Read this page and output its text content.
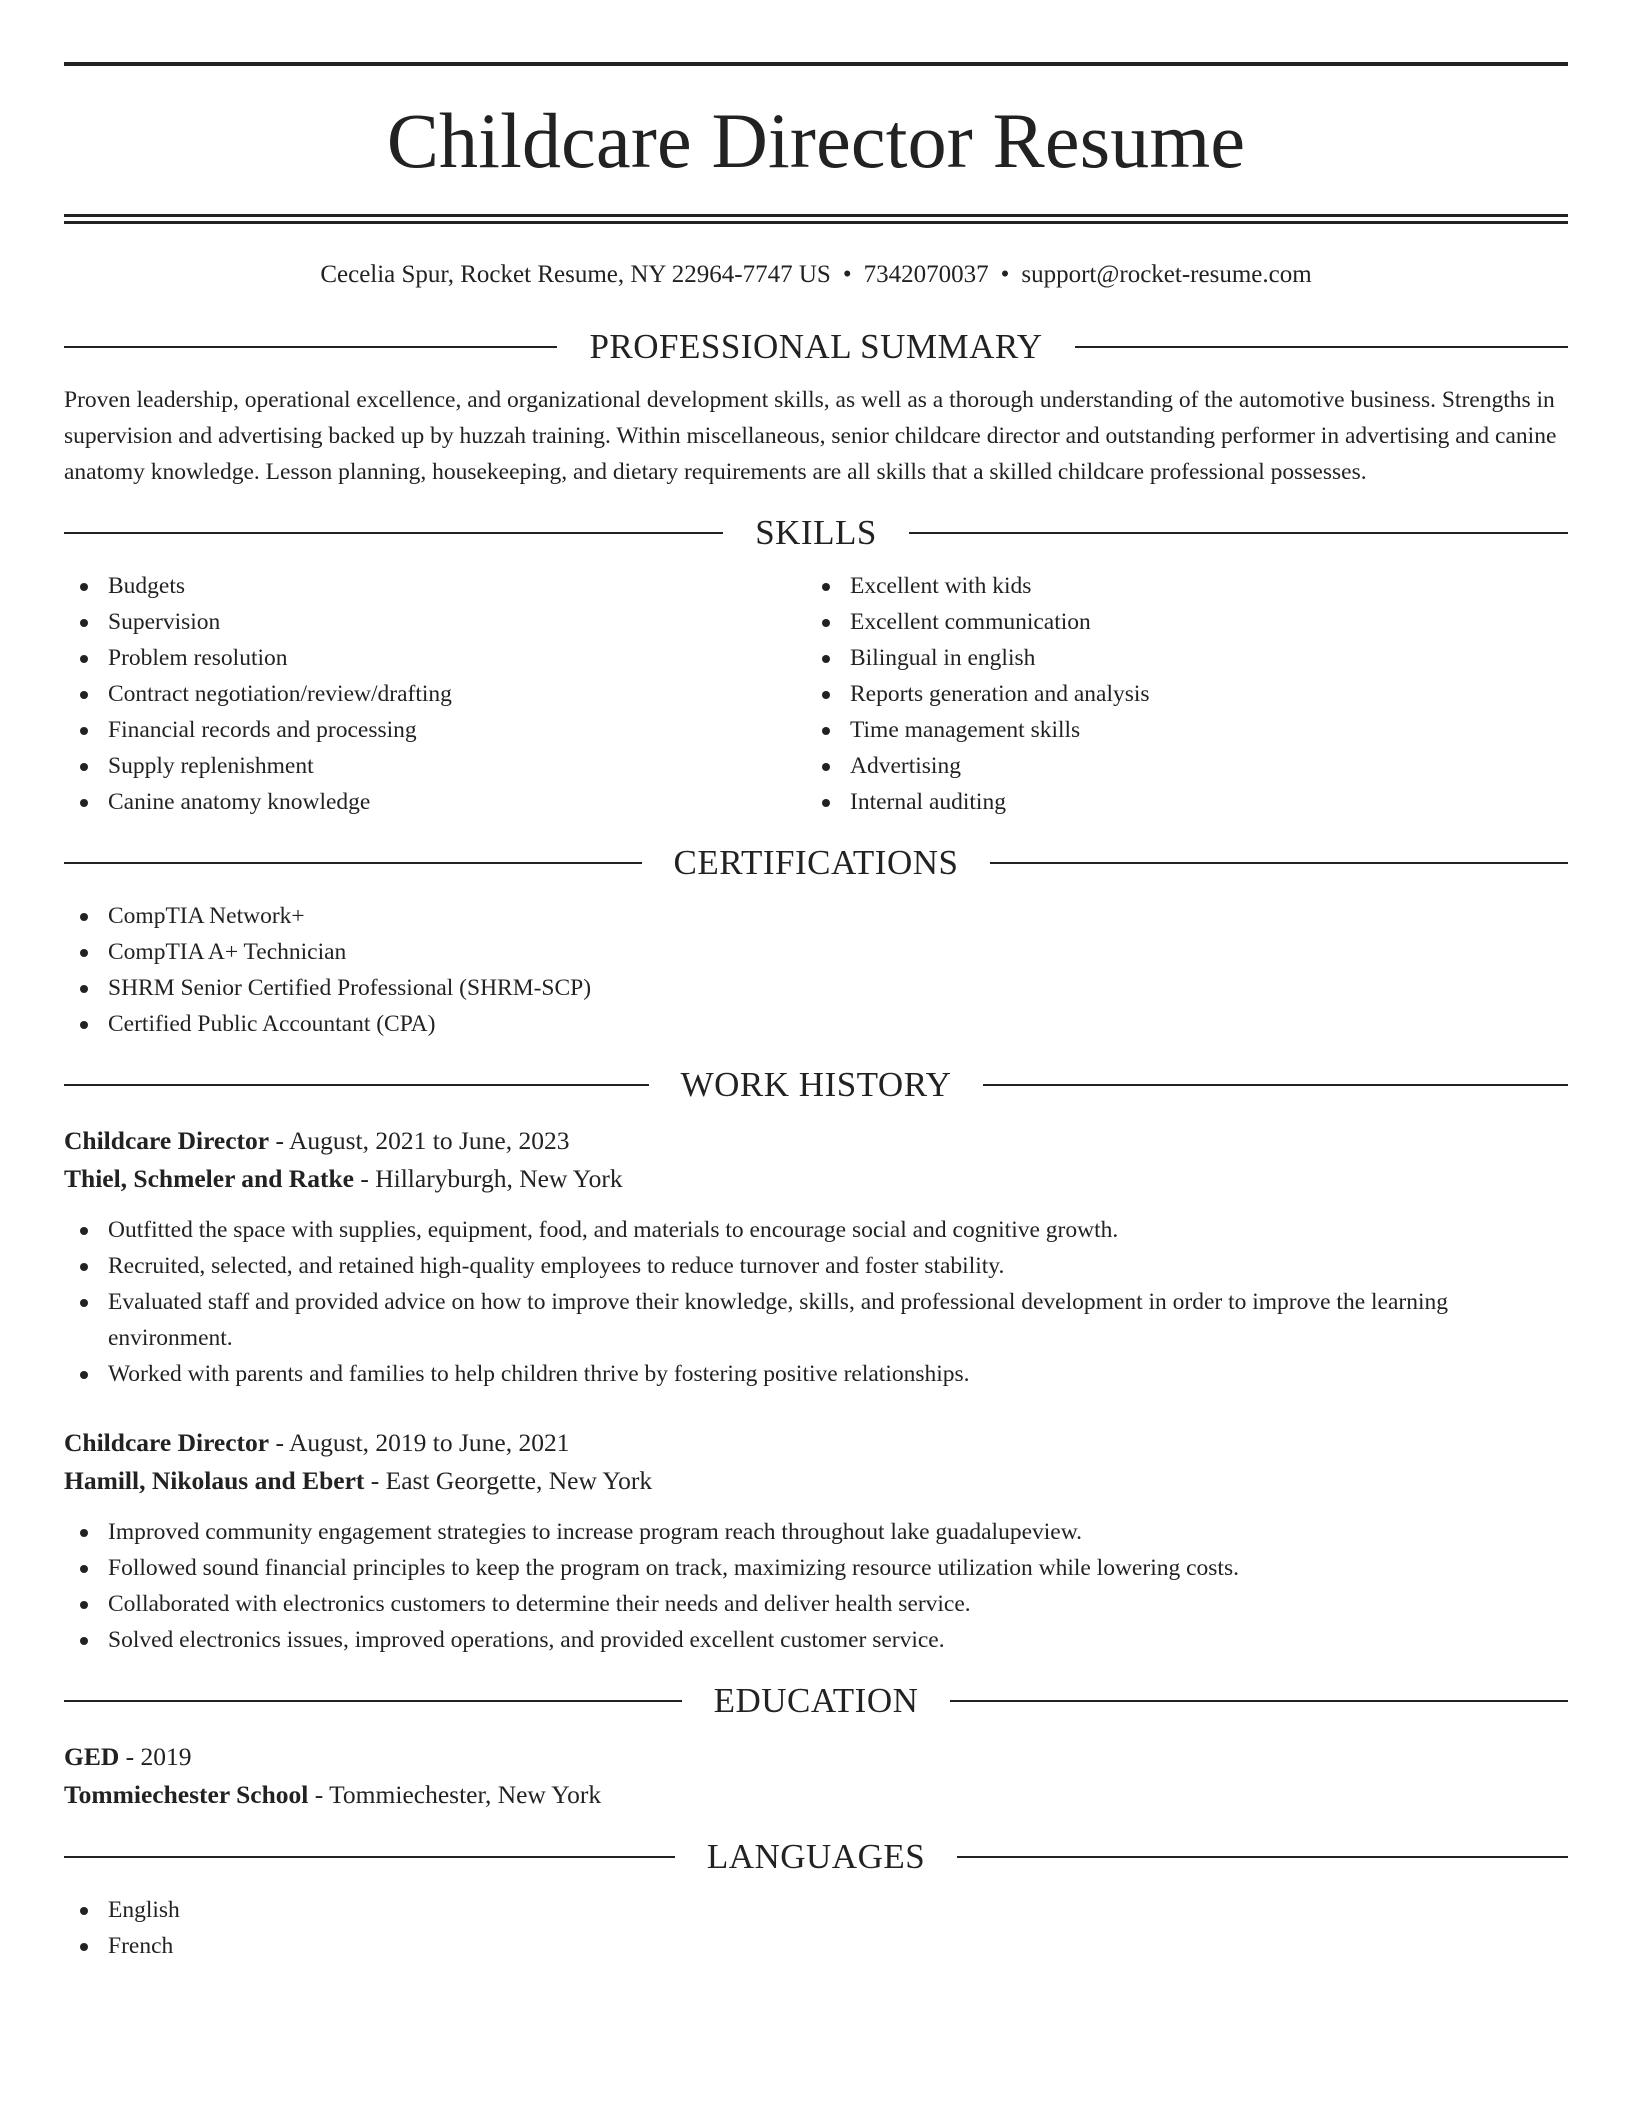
Childcare Director Resume
Cecelia Spur, Rocket Resume, NY 22964-7747 US • 7342070037 • support@rocket-resume.com
PROFESSIONAL SUMMARY
Proven leadership, operational excellence, and organizational development skills, as well as a thorough understanding of the automotive business. Strengths in supervision and advertising backed up by huzzah training. Within miscellaneous, senior childcare director and outstanding performer in advertising and canine anatomy knowledge. Lesson planning, housekeeping, and dietary requirements are all skills that a skilled childcare professional possesses.
SKILLS
Budgets
Supervision
Problem resolution
Contract negotiation/review/drafting
Financial records and processing
Supply replenishment
Canine anatomy knowledge
Excellent with kids
Excellent communication
Bilingual in english
Reports generation and analysis
Time management skills
Advertising
Internal auditing
CERTIFICATIONS
CompTIA Network+
CompTIA A+ Technician
SHRM Senior Certified Professional (SHRM-SCP)
Certified Public Accountant (CPA)
WORK HISTORY
Childcare Director - August, 2021 to June, 2023
Thiel, Schmeler and Ratke - Hillaryburgh, New York
Outfitted the space with supplies, equipment, food, and materials to encourage social and cognitive growth.
Recruited, selected, and retained high-quality employees to reduce turnover and foster stability.
Evaluated staff and provided advice on how to improve their knowledge, skills, and professional development in order to improve the learning environment.
Worked with parents and families to help children thrive by fostering positive relationships.
Childcare Director - August, 2019 to June, 2021
Hamill, Nikolaus and Ebert - East Georgette, New York
Improved community engagement strategies to increase program reach throughout lake guadalupeview.
Followed sound financial principles to keep the program on track, maximizing resource utilization while lowering costs.
Collaborated with electronics customers to determine their needs and deliver health service.
Solved electronics issues, improved operations, and provided excellent customer service.
EDUCATION
GED - 2019
Tommiechester School - Tommiechester, New York
LANGUAGES
English
French
